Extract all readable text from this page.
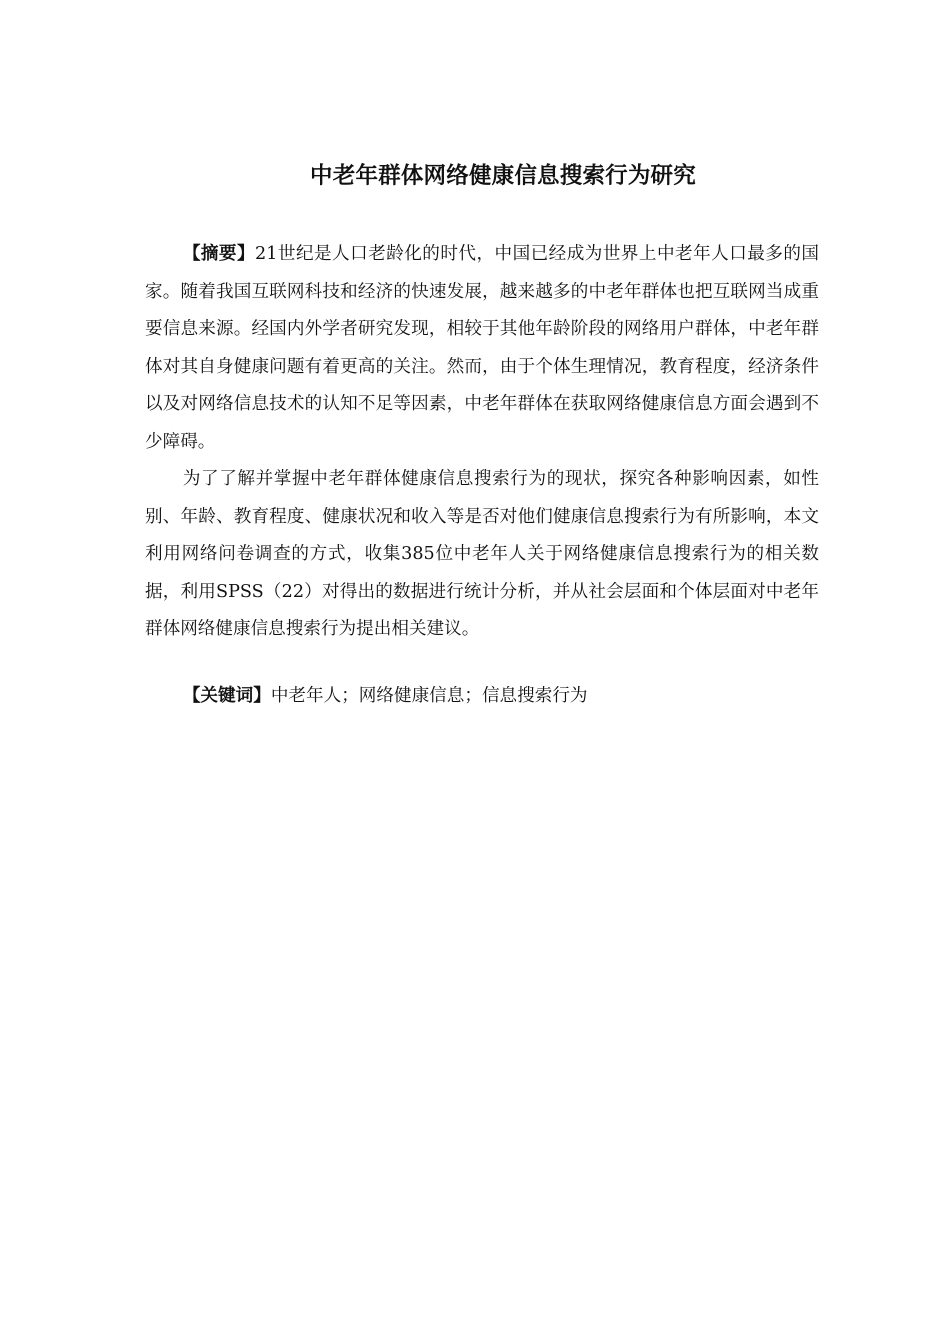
中老年群体网络健康信息搜索行为研究

【摘要】21世纪是人口老龄化的时代，中国已经成为世界上中老年人口最多的国家。随着我国互联网科技和经济的快速发展，越来越多的中老年群体也把互联网当成重要信息来源。经国内外学者研究发现，相较于其他年龄阶段的网络用户群体，中老年群体对其自身健康问题有着更高的关注。然而，由于个体生理情况，教育程度，经济条件以及对网络信息技术的认知不足等因素，中老年群体在获取网络健康信息方面会遇到不少障碍。

为了了解并掌握中老年群体健康信息搜索行为的现状，探究各种影响因素，如性别、年龄、教育程度、健康状况和收入等是否对他们健康信息搜索行为有所影响，本文利用网络问卷调查的方式，收集385位中老年人关于网络健康信息搜索行为的相关数据，利用SPSS（22）对得出的数据进行统计分析，并从社会层面和个体层面对中老年群体网络健康信息搜索行为提出相关建议。

【关键词】中老年人；网络健康信息；信息搜索行为
